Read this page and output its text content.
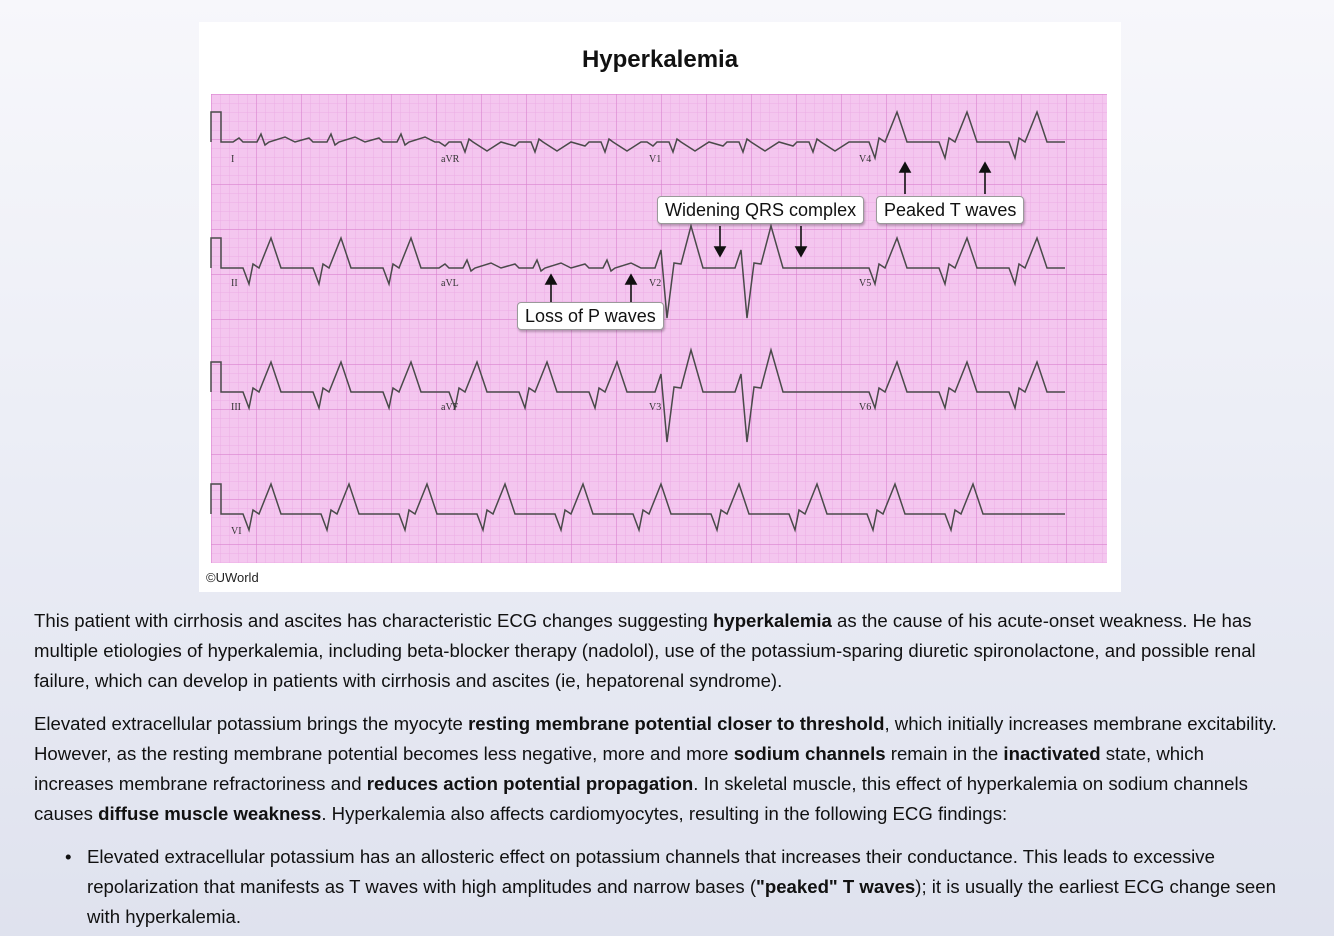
I	aVR	V1	V4
II	aVL	V2	V5
III	aVF	V3	V6
VI
Hyperkalemia
Widening QRS complex	Peaked T waves
Loss of P waves
©UWorld

This patient with cirrhosis and ascites has characteristic ECG changes suggesting hyperkalemia as the cause of his acute-onset weakness. He has multiple etiologies of hyperkalemia, including beta-blocker therapy (nadolol), use of the potassium-sparing diuretic spironolactone, and possible renal failure, which can develop in patients with cirrhosis and ascites (ie, hepatorenal syndrome).

Elevated extracellular potassium brings the myocyte resting membrane potential closer to threshold, which initially increases membrane excitability. However, as the resting membrane potential becomes less negative, more and more sodium channels remain in the inactivated state, which increases membrane refractoriness and reduces action potential propagation. In skeletal muscle, this effect of hyperkalemia on sodium channels causes diffuse muscle weakness. Hyperkalemia also affects cardiomyocytes, resulting in the following ECG findings:

• Elevated extracellular potassium has an allosteric effect on potassium channels that increases their conductance. This leads to excessive repolarization that manifests as T waves with high amplitudes and narrow bases ("peaked" T waves); it is usually the earliest ECG change seen with hyperkalemia.
